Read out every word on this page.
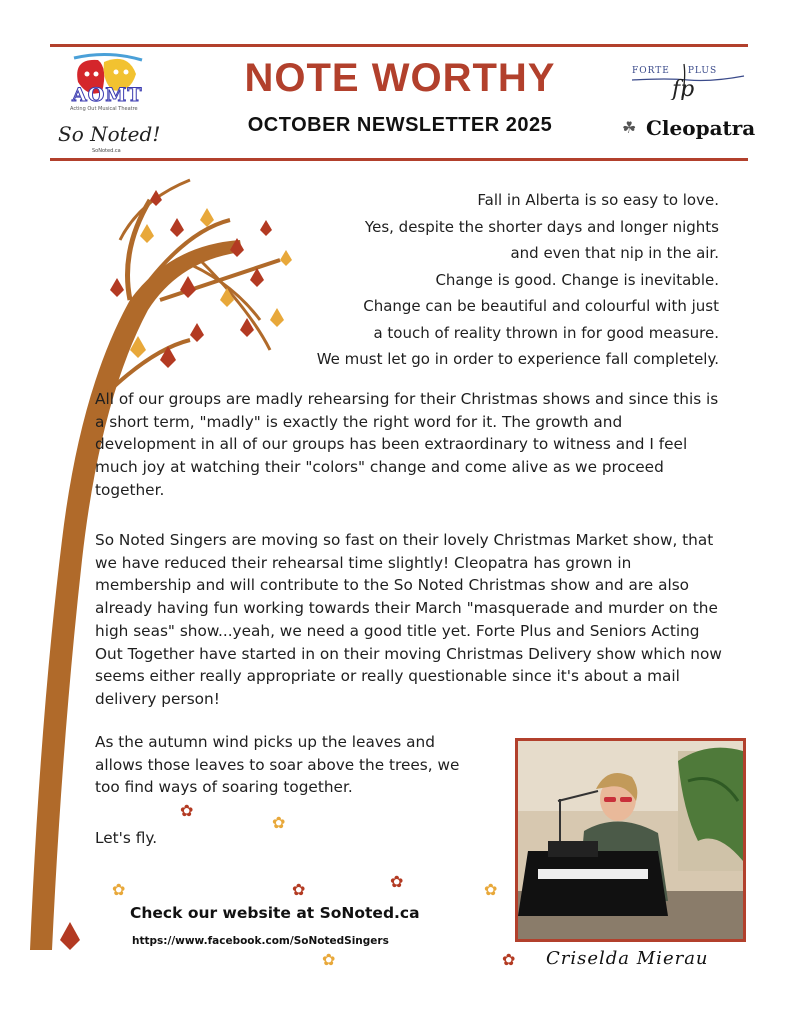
AOMT
Acting Out Musical Theatre
So Noted!
SoNoted.ca
NOTE WORTHY
OCTOBER NEWSLETTER 2025
fp
FORTE PLUS
☘ Cleopatra
Fall in Alberta is so easy to love.
Yes, despite the shorter days and longer nights
and even that nip in the air.
Change is good. Change is inevitable.
Change can be beautiful and colourful with just
a touch of reality thrown in for good measure.
We must let go in order to experience fall completely.
All of our groups are madly rehearsing for their Christmas shows and since this is a short term, "madly" is exactly the right word for it. The growth and development in all of our groups has been extraordinary to witness and I feel much joy at watching their "colors" change and come alive as we proceed together.
So Noted Singers are moving so fast on their lovely Christmas Market show, that we have reduced their rehearsal time slightly! Cleopatra has grown in membership and will contribute to the So Noted Christmas show and are also already having fun working towards their March "masquerade and murder on the high seas" show...yeah, we need a good title yet. Forte Plus and Seniors Acting Out Together have started in on their moving Christmas Delivery show which now seems either really appropriate or really questionable since it's about a mail delivery person!
As the autumn wind picks up the leaves and allows those leaves to soar above the trees, we too find ways of soaring together.
Let's fly.
✿
✿
✿	✿	✿	✿
✿	✿
Check our website at SoNoted.ca
https://www.facebook.com/SoNotedSingers
Criselda Mierau
